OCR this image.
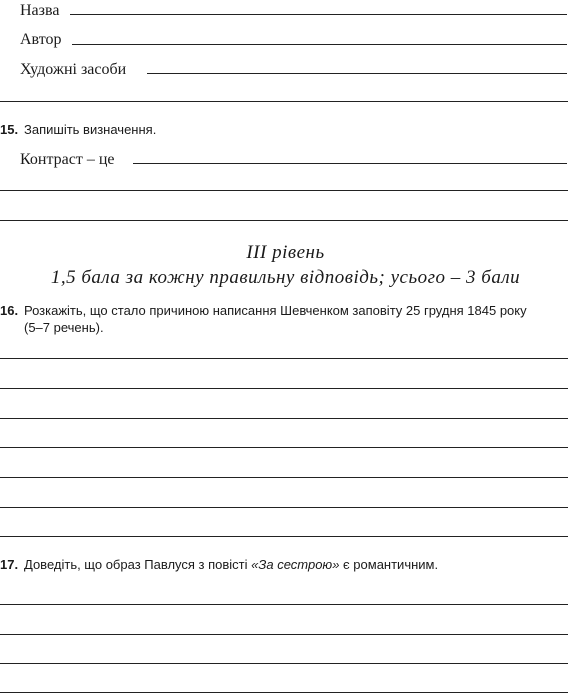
Назва
Автор
Художні засоби
15. Запишіть визначення.
Контраст – це
III рівень
1,5 бала за кожну правильну відповідь; усього – 3 бали
16. Розкажіть, що стало причиною написання Шевченком заповіту 25 грудня 1845 року
(5–7 речень).
17. Доведіть, що образ Павлуся з повісті «За сестрою» є романтичним.
